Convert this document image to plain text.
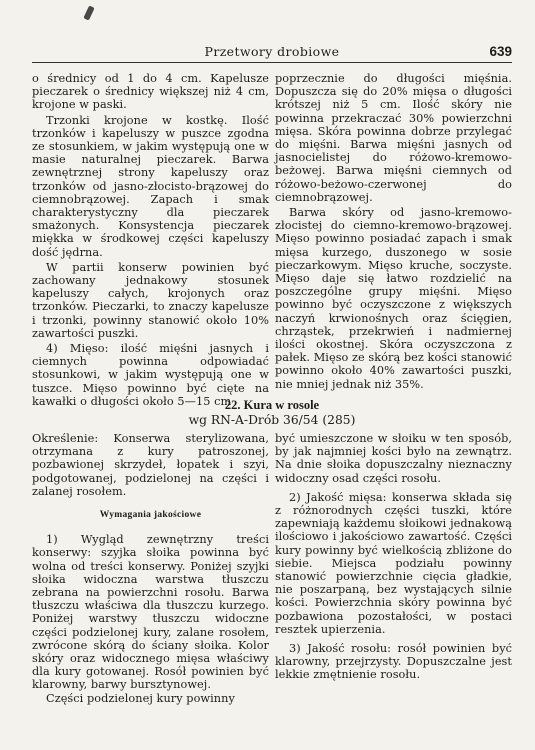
Przetwory drobiowe	639

o średnicy od 1 do 4 cm. Kapelusze pieczarek o średnicy większej niż 4 cm, krojone w paski.

Trzonki krojone w kostkę. Ilość trzonków i kapeluszy w puszce zgodna ze stosunkiem, w jakim występują one w masie naturalnej pieczarek. Barwa zewnętrznej strony kapeluszy oraz trzonków od jasno-złocisto-brązowej do ciemnobrązowej. Zapach i smak charakterystyczny dla pieczarek smażonych. Konsystencja pieczarek miękka w środkowej części kapeluszy dość jędrna.

W partii konserw powinien być zachowany jednakowy stosunek kapeluszy całych, krojonych oraz trzonków. Pieczarki, to znaczy kapelusze i trzonki, powinny stanowić około 10% zawartości puszki.

4) Mięso: ilość mięśni jasnych i ciemnych powinna odpowiadać stosunkowi, w jakim występują one w tuszce. Mięso powinno być cięte na kawałki o długości około 5—15 cm

poprzecznie do długości mięśnia. Dopuszcza się do 20% mięsa o długości krótszej niż 5 cm. Ilość skóry nie powinna przekraczać 30% powierzchni mięsa. Skóra powinna dobrze przylegać do mięśni. Barwa mięśni jasnych od jasnocielistej do różowo-kremowo-beżowej. Barwa mięśni ciemnych od różowo-beżowo-czerwonej do ciemnobrązowej.

Barwa skóry od jasno-kremowo-złocistej do ciemno-kremowo-brązowej. Mięso powinno posiadać zapach i smak mięsa kurzego, duszonego w sosie pieczarkowym. Mięso kruche, soczyste. Mięso daje się łatwo rozdzielić na poszczególne grupy mięśni. Mięso powinno być oczyszczone z większych naczyń krwionośnych oraz ścięgien, chrząstek, przekrwień i nadmiernej ilości okostnej. Skóra oczyszczona z pałek. Mięso ze skórą bez kości stanowić powinno około 40% zawartości puszki, nie mniej jednak niż 35%.

22. Kura w rosole
wg RN-A-Drób 36/54 (285)

Określenie: Konserwa sterylizowana, otrzymana z kury patroszonej, pozbawionej skrzydeł, łopatek i szyi, podgotowanej, podzielonej na części i zalanej rosołem.

Wymagania jakościowe

1) Wygląd zewnętrzny treści konserwy: szyjka słoika powinna być wolna od treści konserwy. Poniżej szyjki słoika widoczna warstwa tłuszczu zebrana na powierzchni rosołu. Barwa tłuszczu właściwa dla tłuszczu kurzego. Poniżej warstwy tłuszczu widoczne części podzielonej kury, zalane rosołem, zwrócone skórą do ściany słoika. Kolor skóry oraz widocznego mięsa właściwy dla kury gotowanej. Rosół powinien być klarowny, barwy bursztynowej.

Części podzielonej kury powinny

być umieszczone w słoiku w ten sposób, by jak najmniej kości było na zewnątrz. Na dnie słoika dopuszczalny nieznaczny widoczny osad części rosołu.

2) Jakość mięsa: konserwa składa się z różnorodnych części tuszki, które zapewniają każdemu słoikowi jednakową ilościowo i jakościowo zawartość. Części kury powinny być wielkością zbliżone do siebie. Miejsca podziału powinny stanowić powierzchnie cięcia gładkie, nie poszarpaną, bez wystających silnie kości. Powierzchnia skóry powinna być pozbawiona pozostałości, w postaci resztek upierzenia.

3) Jakość rosołu: rosół powinien być klarowny, przejrzysty. Dopuszczalne jest lekkie zmętnienie rosołu.
